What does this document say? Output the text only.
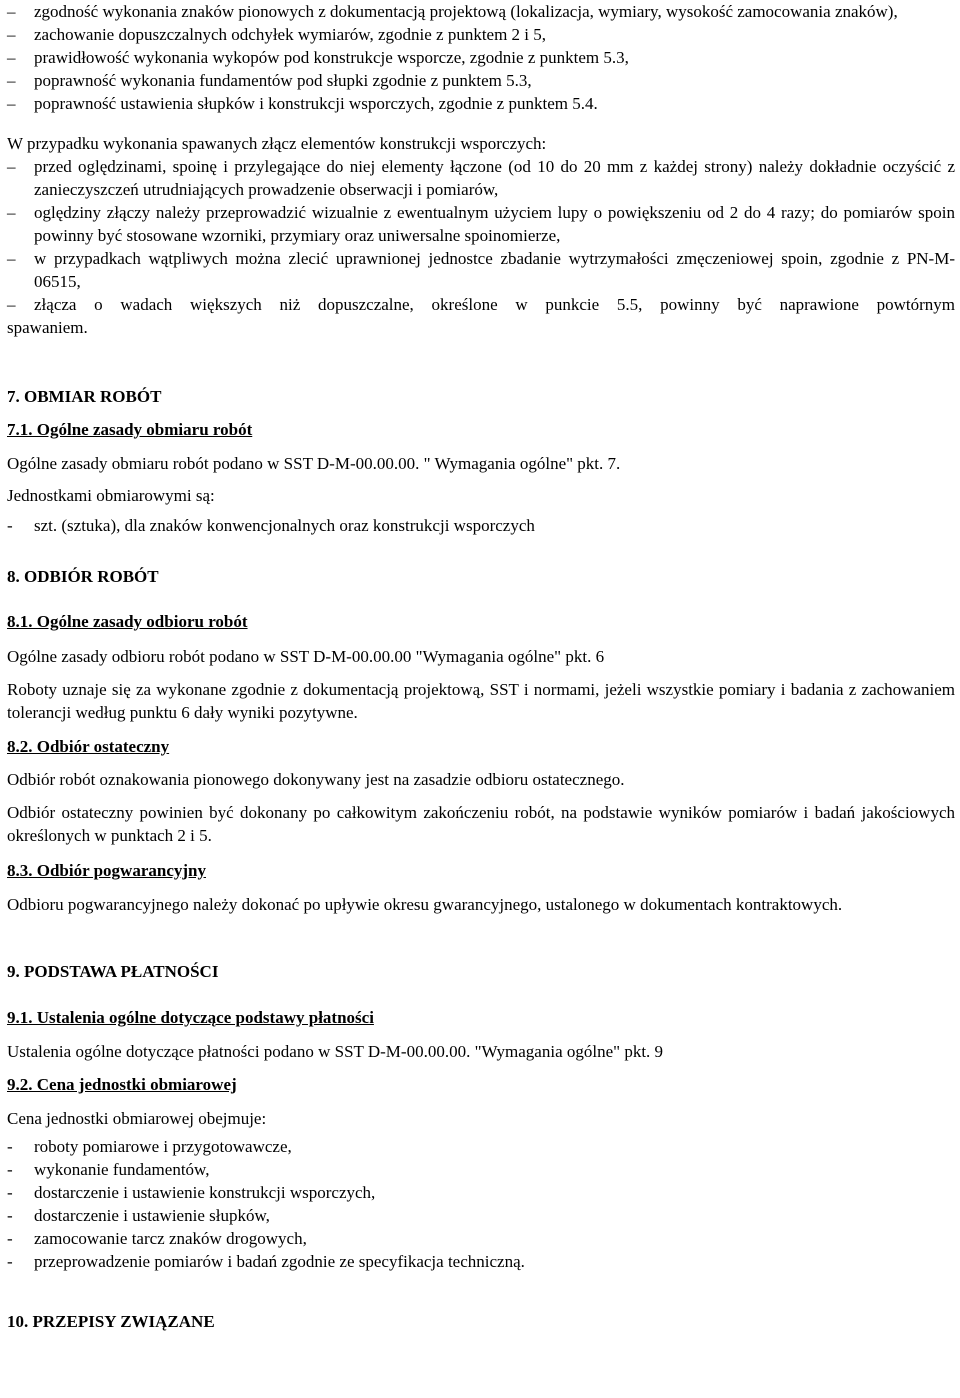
– zgodność wykonania znaków pionowych z dokumentacją projektową (lokalizacja, wymiary, wysokość zamocowania znaków),
– zachowanie dopuszczalnych odchyłek wymiarów, zgodnie z punktem 2 i 5,
– prawidłowość wykonania wykopów pod konstrukcje wsporcze, zgodnie z punktem 5.3,
– poprawność wykonania fundamentów pod słupki zgodnie z punktem 5.3,
– poprawność ustawienia słupków i konstrukcji wsporczych, zgodnie z punktem 5.4.

W przypadku wykonania spawanych złącz elementów konstrukcji wsporczych:

– przed oględzinami, spoinę i przylegające do niej elementy łączone (od 10 do 20 mm z każdej strony) należy dokładnie oczyścić z zanieczyszczeń utrudniających prowadzenie obserwacji i pomiarów,
– oględziny złączy należy przeprowadzić wizualnie z ewentualnym użyciem lupy o powiększeniu od 2 do 4 razy; do pomiarów spoin powinny być stosowane wzorniki, przymiary oraz uniwersalne spoinomierze,
– w przypadkach wątpliwych można zlecić uprawnionej jednostce zbadanie wytrzymałości zmęczeniowej spoin, zgodnie z PN-M-06515,
– złącza o wadach większych niż dopuszczalne, określone w punkcie 5.5, powinny być naprawione powtórnym

spawaniem.

7. OBMIAR ROBÓT

7.1. Ogólne zasady obmiaru robót

Ogólne zasady obmiaru robót podano w SST D-M-00.00.00. " Wymagania ogólne" pkt. 7.

Jednostkami obmiarowymi są:

- szt. (sztuka), dla znaków konwencjonalnych oraz konstrukcji wsporczych

8. ODBIÓR ROBÓT

8.1. Ogólne zasady odbioru robót

Ogólne zasady odbioru robót podano w SST D-M-00.00.00 "Wymagania ogólne" pkt. 6

Roboty uznaje się za wykonane zgodnie z dokumentacją projektową, SST i normami, jeżeli wszystkie pomiary i badania z zachowaniem tolerancji według punktu 6 dały wyniki pozytywne.

8.2. Odbiór ostateczny

Odbiór robót oznakowania pionowego dokonywany jest na zasadzie odbioru ostatecznego.

Odbiór ostateczny powinien być dokonany po całkowitym zakończeniu robót, na podstawie wyników pomiarów i badań jakościowych określonych w punktach 2 i 5.

8.3. Odbiór pogwarancyjny

Odbioru pogwarancyjnego należy dokonać po upływie okresu gwarancyjnego, ustalonego w dokumentach kontraktowych.

9. PODSTAWA PŁATNOŚCI

9.1. Ustalenia ogólne dotyczące podstawy płatności

Ustalenia ogólne dotyczące płatności podano w SST D-M-00.00.00. "Wymagania ogólne" pkt. 9

9.2. Cena jednostki obmiarowej

Cena jednostki obmiarowej obejmuje:

- roboty pomiarowe i przygotowawcze,
- wykonanie fundamentów,
- dostarczenie i ustawienie konstrukcji wsporczych,
- dostarczenie i ustawienie słupków,
- zamocowanie tarcz znaków drogowych,
- przeprowadzenie pomiarów i badań zgodnie ze specyfikacja techniczną.

10. PRZEPISY ZWIĄZANE
